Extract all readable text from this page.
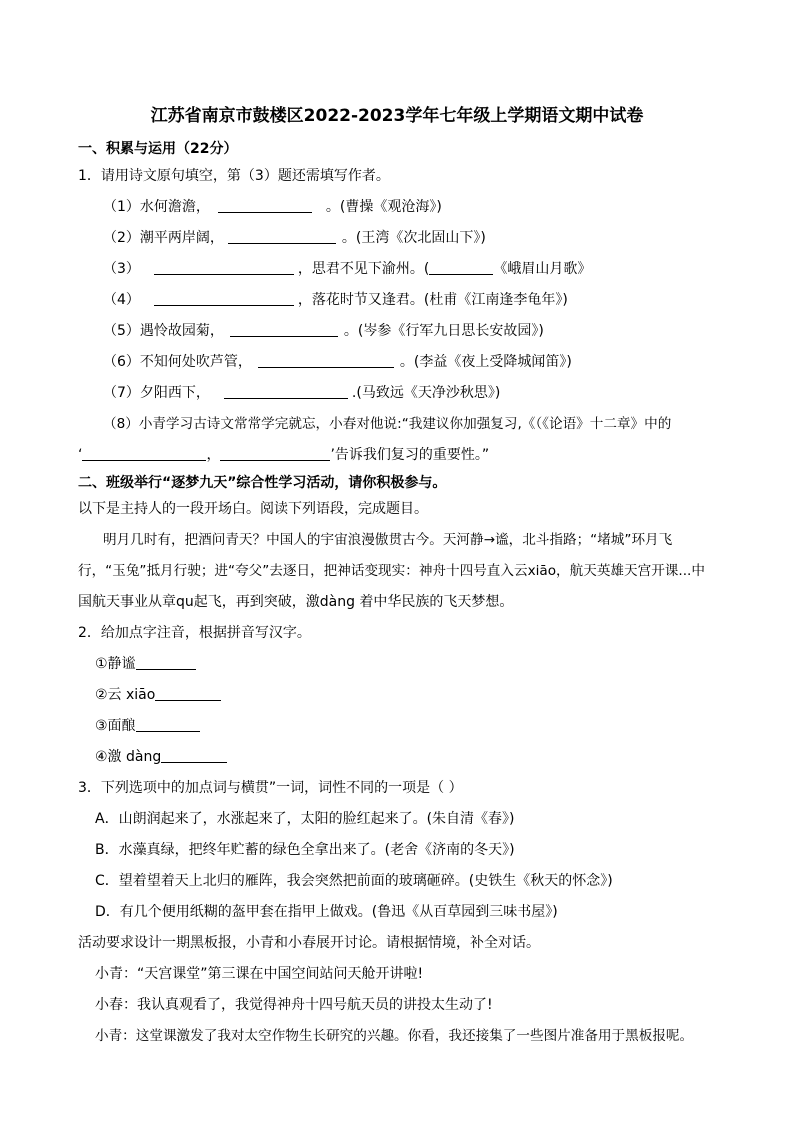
江苏省南京市鼓楼区2022-2023学年七年级上学期语文期中试卷
一、积累与运用（22分）
1．请用诗文原句填空，第（3）题还需填写作者。
（1）水何澹澹，	。(曹操《观沧海》)
（2）潮平两岸阔，	。(王湾《次北固山下》)
（3）	，思君不见下渝州。(	《峨眉山月歌》
（4）	，落花时节又逢君。(杜甫《江南逢李龟年》)
（5）遇怜故园菊，	。(岑参《行军九日思长安故园》)
（6）不知何处吹芦管，	。(李益《夜上受降城闻笛》)
（7）夕阳西下，	.(马致远《天净沙秋思》)
（8）小青学习古诗文常常学完就忘，小春对他说:“我建议你加强复习,《（《论语》十二章》中的
‘	，	’告诉我们复习的重要性。”
二、班级举行“逐梦九天”综合性学习活动，请你积极参与。
以下是主持人的一段开场白。阅读下列语段，完成题目。
明月几时有，把酒问青天？中国人的宇宙浪漫傲贯古今。天河静→谧，北斗指路；“堵城”环月飞
行，“玉兔”抵月行驶；进“夸父”去逐日，把神话变现实：神舟十四号直入云xiāo，航天英雄天宫开课...中
国航天事业从章qu起飞，再到突破，激dàng 着中华民族的飞天梦想。
2．给加点字注音，根据拼音写汉字。
①静谧
②云 xiāo
③面酿
④激 dàng
3．下列选项中的加点词与横贯”一词，词性不同的一项是（ ）
A．山朗润起来了，水涨起来了，太阳的脸红起来了。(朱自清《春》)
B．水藻真绿，把终年贮蓄的绿色全拿出来了。(老舍《济南的冬天》)
C．望着望着天上北归的雁阵，我会突然把前面的玻璃砸碎。(史铁生《秋天的怀念》)
D．有几个便用纸糊的盔甲套在指甲上做戏。(鲁迅《从百草园到三味书屋》)
活动要求设计一期黑板报，小青和小春展开讨论。请根据情境，补全对话。
小青：“天宫课堂”第三课在中国空间站问天舱开讲啦!
小春：我认真观看了，我觉得神舟十四号航天员的讲投太生动了!
小青：这堂课激发了我对太空作物生长研究的兴趣。你看，我还接集了一些图片准备用于黑板报呢。
